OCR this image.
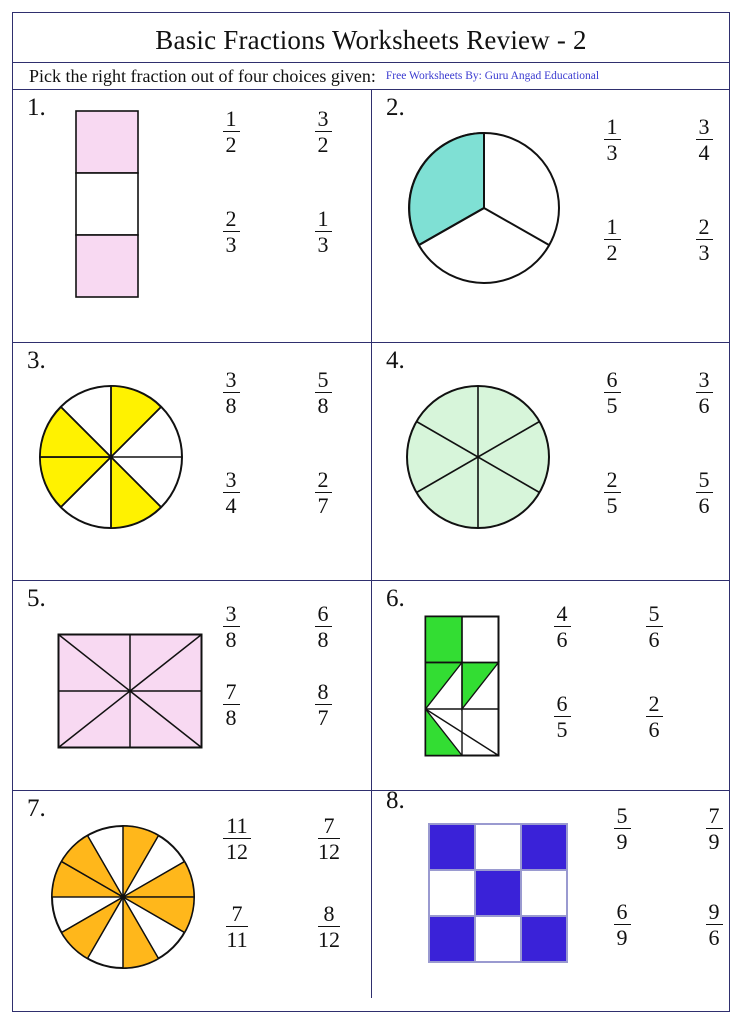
Basic Fractions Worksheets Review - 2
Pick the right fraction out of four choices given: Free Worksheets By: Guru Angad Educational
1.
$\frac{1}{2}$	$\frac{3}{2}$
$\frac{2}{3}$	$\frac{1}{3}$
2.
$\frac{1}{3}$	$\frac{3}{4}$
$\frac{1}{2}$	$\frac{2}{3}$
3.
$\frac{3}{8}$	$\frac{5}{8}$
$\frac{3}{4}$	$\frac{2}{7}$
4.
$\frac{6}{5}$	$\frac{3}{6}$
$\frac{2}{5}$	$\frac{5}{6}$
5.
$\frac{3}{8}$	$\frac{6}{8}$
$\frac{7}{8}$	$\frac{8}{7}$
6.
$\frac{4}{6}$	$\frac{5}{6}$
$\frac{6}{5}$	$\frac{2}{6}$
7.
$\frac{11}{12}$	$\frac{7}{12}$
$\frac{7}{11}$	$\frac{8}{12}$
8.
$\frac{5}{9}$	$\frac{7}{9}$
$\frac{6}{9}$	$\frac{9}{6}$
